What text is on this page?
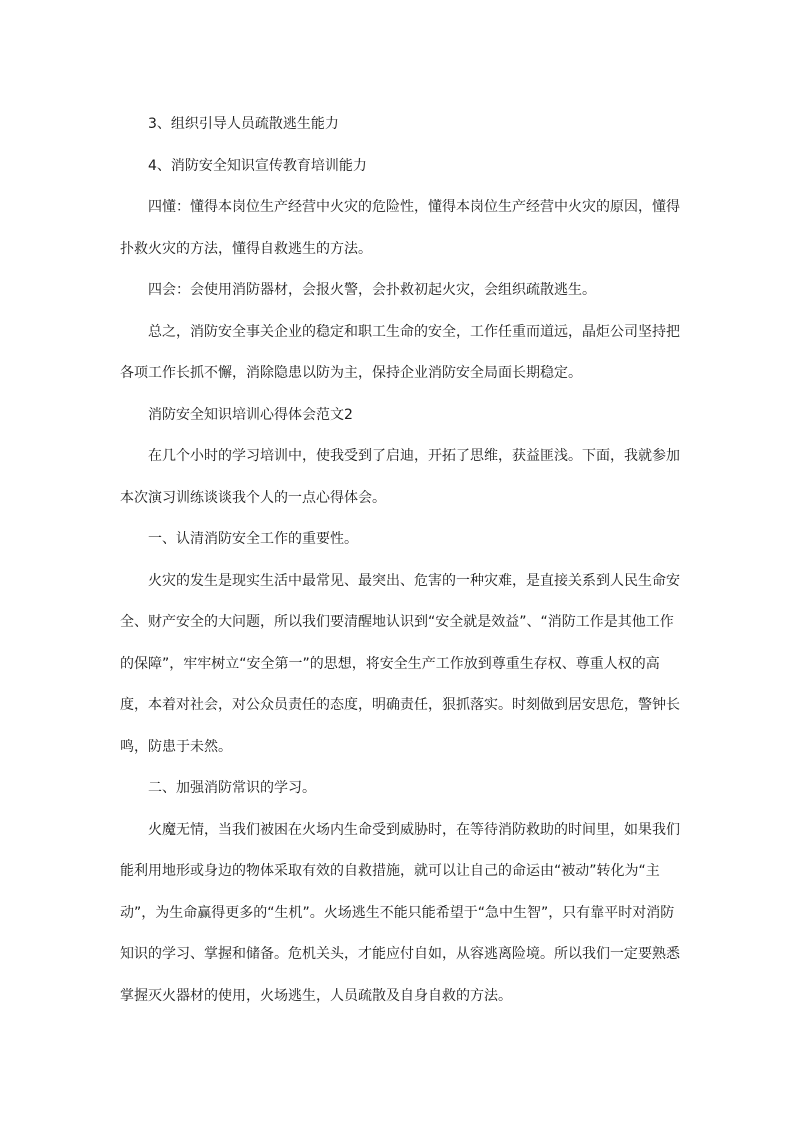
3、组织引导人员疏散逃生能力

4、消防安全知识宣传教育培训能力

四懂：懂得本岗位生产经营中火灾的危险性，懂得本岗位生产经营中火灾的原因，懂得扑救火灾的方法，懂得自救逃生的方法。

四会：会使用消防器材，会报火警，会扑救初起火灾，会组织疏散逃生。

总之，消防安全事关企业的稳定和职工生命的安全，工作任重而道远，晶炬公司坚持把各项工作长抓不懈，消除隐患以防为主，保持企业消防安全局面长期稳定。

消防安全知识培训心得体会范文2

在几个小时的学习培训中，使我受到了启迪，开拓了思维，获益匪浅。下面，我就参加本次演习训练谈谈我个人的一点心得体会。

一、认清消防安全工作的重要性。

火灾的发生是现实生活中最常见、最突出、危害的一种灾难，是直接关系到人民生命安全、财产安全的大问题，所以我们要清醒地认识到“安全就是效益”、“消防工作是其他工作的保障”，牢牢树立“安全第一”的思想，将安全生产工作放到尊重生存权、尊重人权的高度，本着对社会，对公众员责任的态度，明确责任，狠抓落实。时刻做到居安思危，警钟长鸣，防患于未然。

二、加强消防常识的学习。

火魔无情，当我们被困在火场内生命受到威胁时，在等待消防救助的时间里，如果我们能利用地形或身边的物体采取有效的自救措施，就可以让自己的命运由“被动”转化为“主动”，为生命赢得更多的“生机”。火场逃生不能只能希望于“急中生智”，只有靠平时对消防知识的学习、掌握和储备。危机关头，才能应付自如，从容逃离险境。所以我们一定要熟悉掌握灭火器材的使用，火场逃生，人员疏散及自身自救的方法。
